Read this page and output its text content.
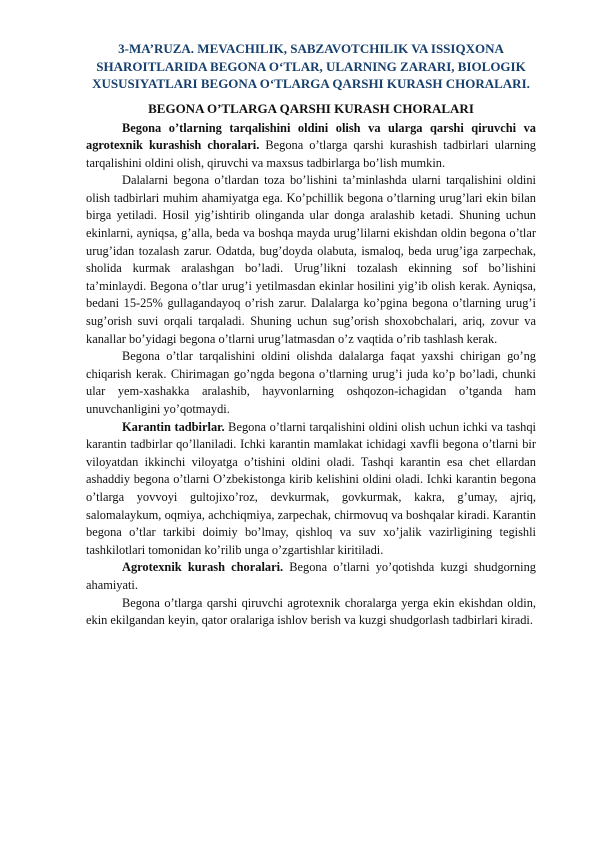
3-MA’RUZA. MEVACHILIK, SABZAVOTCHILIK VA ISSIQXONA SHAROITLARIDA BEGONA O‘TLAR, ULARNING ZARARI, BIOLOGIK XUSUSIYATLARI BEGONA O‘TLARGA QARSHI KURASH CHORALARI.
BEGONA O’TLARGA QARSHI KURASH CHORALARI

Begona o’tlarning tarqalishini oldini olish va ularga qarshi qiruvchi va agrotexnik kurashish choralari. Begona o’tlarga qarshi kurashish tadbirlari ularning tarqalishini oldini olish, qiruvchi va maxsus tadbirlarga bo’lish mumkin.

Dalalarni begona o’tlardan toza bo’lishini ta’minlashda ularni tarqalishini oldini olish tadbirlari muhim ahamiyatga ega. Ko’pchillik begona o’tlarning urug’lari ekin bilan birga yetiladi. Hosil yig’ishtirib olinganda ular donga aralashib ketadi. Shuning uchun ekinlarni, ayniqsa, g’alla, beda va boshqa mayda urug’lilarni ekishdan oldin begona o’tlar urug’idan tozalash zarur. Odatda, bug’doyda olabuta, ismaloq, beda urug’iga zarpechak, sholida kurmak aralashgan bo’ladi. Urug’likni tozalash ekinning sof bo’lishini ta’minlaydi. Begona o’tlar urug’i yetilmasdan ekinlar hosilini yig’ib olish kerak. Ayniqsa, bedani 15-25% gullagandayoq o’rish zarur. Dalalarga ko’pgina begona o’tlarning urug’i sug’orish suvi orqali tarqaladi. Shuning uchun sug’orish shoxobchalari, ariq, zovur va kanallar bo’yidagi begona o’tlarni urug’latmasdan o’z vaqtida o’rib tashlash kerak.

Begona o’tlar tarqalishini oldini olishda dalalarga faqat yaxshi chirigan go’ng chiqarish kerak. Chirimagan go’ngda begona o’tlarning urug’i juda ko’p bo’ladi, chunki ular yem-xashakka aralashib, hayvonlarning oshqozon-ichagidan o’tganda ham unuvchanligini yo’qotmaydi.

Karantin tadbirlar. Begona o’tlarni tarqalishini oldini olish uchun ichki va tashqi karantin tadbirlar qo’llaniladi. Ichki karantin mamlakat ichidagi xavfli begona o’tlarni bir viloyatdan ikkinchi viloyatga o’tishini oldini oladi. Tashqi karantin esa chet ellardan ashaddiy begona o’tlarni O’zbekistonga kirib kelishini oldini oladi. Ichki karantin begona o’tlarga yovvoyi gultojixo’roz, devkurmak, govkurmak, kakra, g’umay, ajriq, salomalaykum, oqmiya, achchiqmiya, zarpechak, chirmovuq va boshqalar kiradi. Karantin begona o’tlar tarkibi doimiy bo’lmay, qishloq va suv xo’jalik vazirligining tegishli tashkilotlari tomonidan ko’rilib unga o’zgartishlar kiritiladi.

Agrotexnik kurash choralari. Begona o’tlarni yo’qotishda kuzgi shudgorning ahamiyati.

Begona o’tlarga qarshi qiruvchi agrotexnik choralarga yerga ekin ekishdan oldin, ekin ekilgandan keyin, qator oralariga ishlov berish va kuzgi shudgorlash tadbirlari kiradi.
